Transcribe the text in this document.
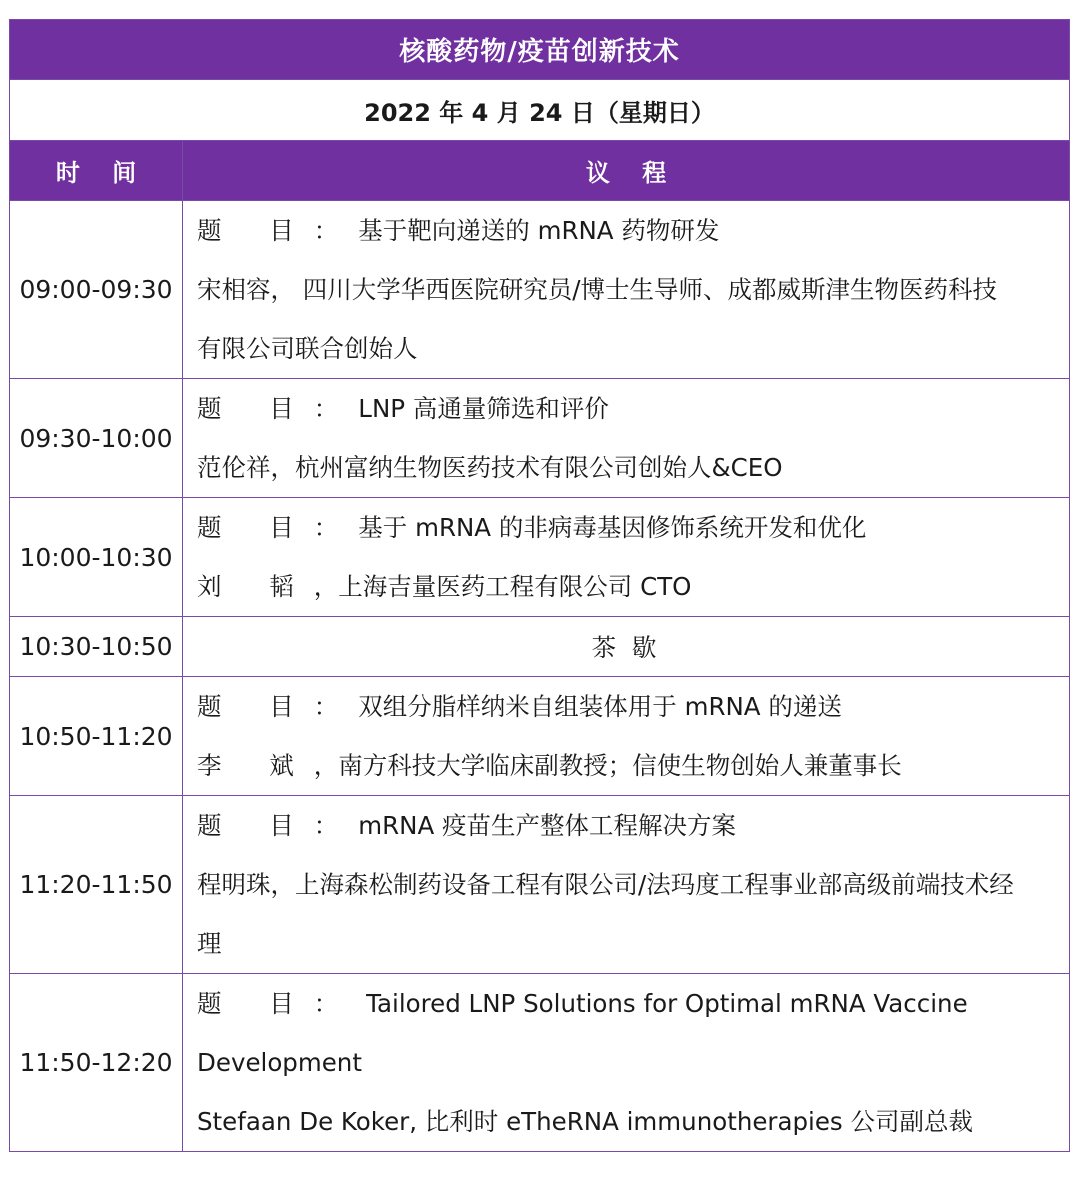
核酸药物/疫苗创新技术	
2022 年 4 月 24 日（星期日）	
时 间	议 程
09:00-09:30	题 目：基于靶向递送的 mRNA 药物研发
宋相容， 四川大学华西医院研究员/博士生导师、成都威斯津生物医药科技
有限公司联合创始人

09:30-10:00	题 目：LNP 高通量筛选和评价
范伦祥，杭州富纳生物医药技术有限公司创始人&CEO

10:00-10:30	题 目：基于 mRNA 的非病毒基因修饰系统开发和优化
刘 韬，上海吉量医药工程有限公司 CTO

10:30-10:50	茶 歇
10:50-11:20	题 目：双组分脂样纳米自组装体用于 mRNA 的递送
李 斌，南方科技大学临床副教授；信使生物创始人兼董事长

11:20-11:50	题 目：mRNA 疫苗生产整体工程解决方案
程明珠，上海森松制药设备工程有限公司/法玛度工程事业部高级前端技术经
理

11:50-12:20	题 目： Tailored LNP Solutions for Optimal mRNA Vaccine
Development
Stefaan De Koker, 比利时 eTheRNA immunotherapies 公司副总裁
